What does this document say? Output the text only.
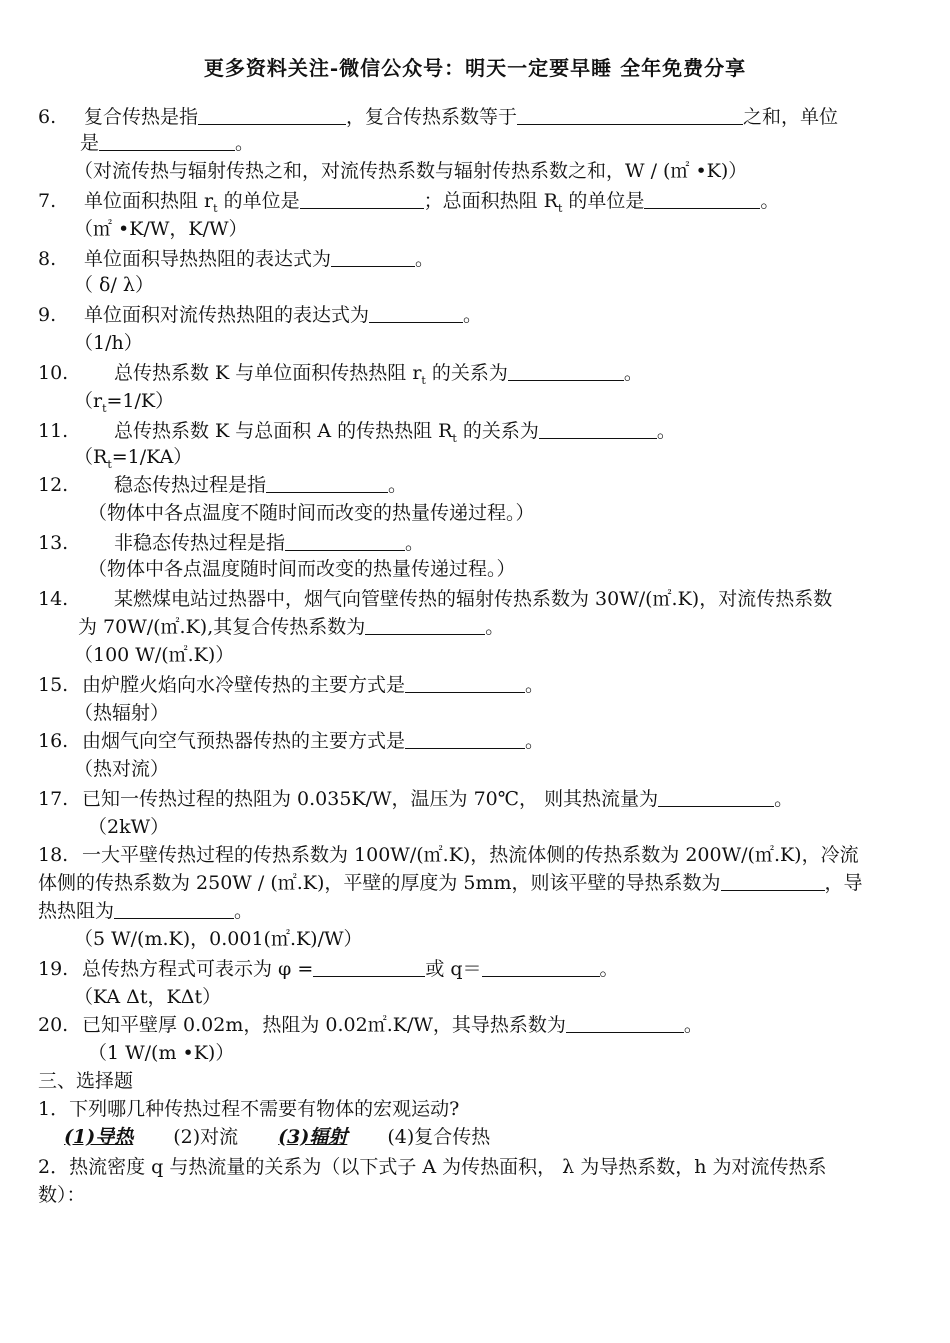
更多资料关注-微信公众号：明天一定要早睡 全年免费分享
6. 复合传热是指	，复合传热系数等于	之和，单位
是	。
（对流传热与辐射传热之和，对流传热系数与辐射传热系数之和，W / (㎡ •K)）
7. 单位面积热阻 $r_t$ 的单位是	；总面积热阻 $R_t$ 的单位是	。
（㎡ •K/W，K/W）
8. 单位面积导热热阻的表达式为	。
（ δ/ λ）
9. 单位面积对流传热热阻的表达式为	。
（1/h）
10. 总传热系数 K 与单位面积传热热阻 $r_t$ 的关系为	。
$(r_t=1/K)$
11. 总传热系数 K 与总面积 A 的传热热阻 $R_t$ 的关系为	。
$(R_t=1/KA)$
12. 稳态传热过程是指	。
（物体中各点温度不随时间而改变的热量传递过程。）
13. 非稳态传热过程是指	。
（物体中各点温度随时间而改变的热量传递过程。）
14. 某燃煤电站过热器中，烟气向管壁传热的辐射传热系数为 30W/(㎡.K)，对流传热系数
为 70W/(㎡.K),其复合传热系数为	。
（100 W/(㎡.K)）
15. 由炉膛火焰向水冷壁传热的主要方式是	。
（热辐射）
16. 由烟气向空气预热器传热的主要方式是	。
（热对流）
17. 已知一传热过程的热阻为 0.035K/W，温压为 70℃， 则其热流量为	。
（2kW）
18. 一大平壁传热过程的传热系数为 100W/(㎡.K)，热流体侧的传热系数为 200W/(㎡.K)，冷流
体侧的传热系数为 250W / (㎡.K)，平壁的厚度为 5mm，则该平壁的导热系数为	，导
热热阻为	。
（5 W/(m.K)，0.001(㎡.K)/W）
19. 总传热方程式可表示为 φ =	或 q＝	。
（KA Δt，KΔt）
20. 已知平壁厚 0.02m，热阻为 0.02㎡.K/W，其导热系数为	。
（1 W/(m •K)）
三、选择题
1．下列哪几种传热过程不需要有物体的宏观运动?
(1)导热 (2)对流 (3)辐射 (4)复合传热
2．热流密度 q 与热流量的关系为（以下式子 A 为传热面积， λ 为导热系数，h 为对流传热系
数）：
